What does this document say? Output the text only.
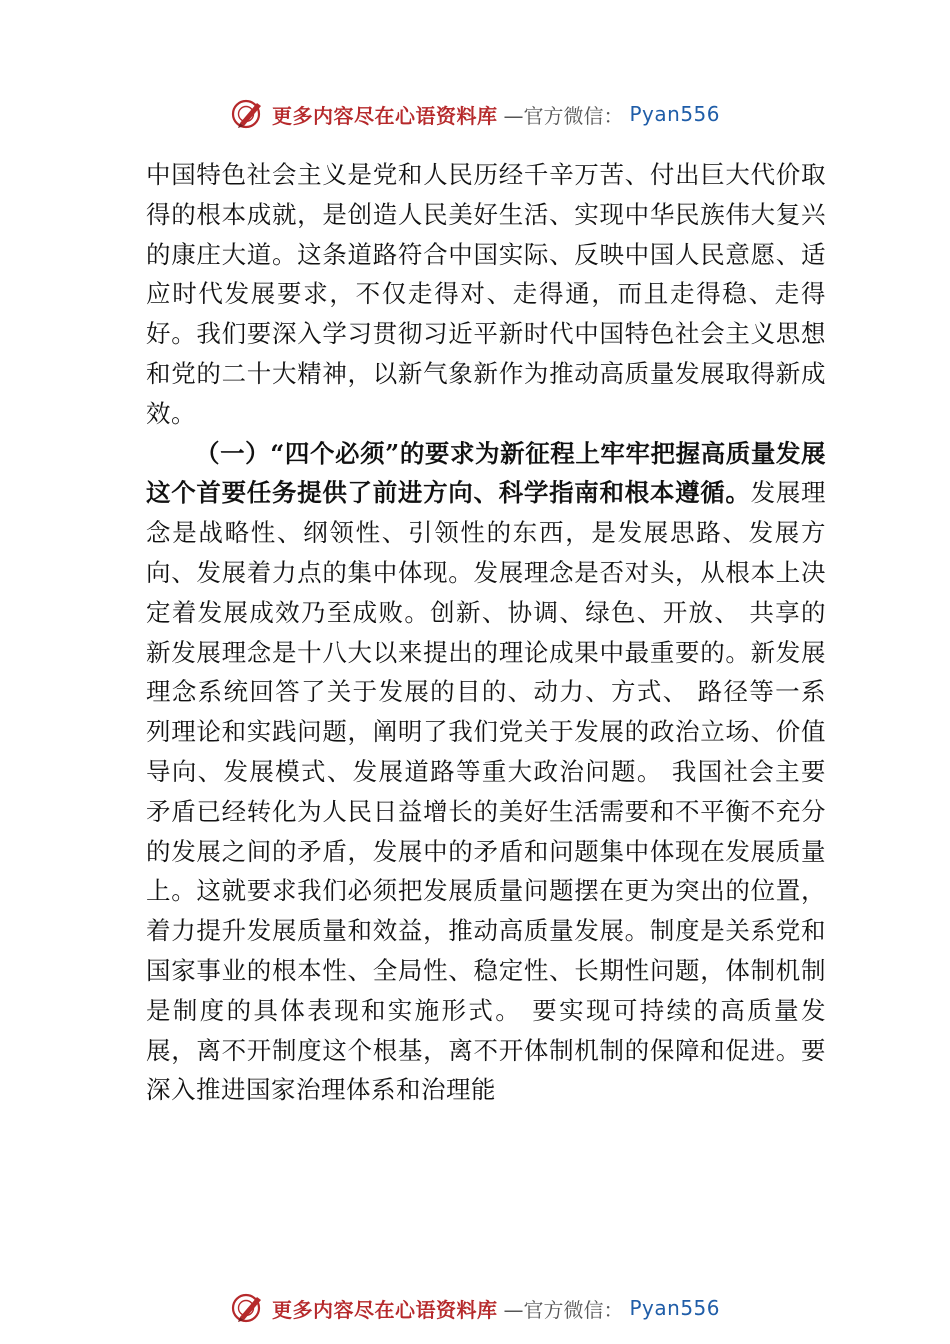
更多内容尽在心语资料库 —官方微信： Pyan556

中国特色社会主义是党和人民历经千辛万苦、付出巨大代价取得的根本成就，是创造人民美好生活、实现中华民族伟大复兴的康庄大道。这条道路符合中国实际、反映中国人民意愿、适应时代发展要求，不仅走得对、走得通，而且走得稳、走得好。我们要深入学习贯彻习近平新时代中国特色社会主义思想和党的二十大精神，以新气象新作为推动高质量发展取得新成效。

（一）“四个必须”的要求为新征程上牢牢把握高质量发展这个首要任务提供了前进方向、科学指南和根本遵循。发展理念是战略性、纲领性、引领性的东西，是发展思路、发展方向、发展着力点的集中体现。发展理念是否对头，从根本上决定着发展成效乃至成败。创新、协调、绿色、开放、 共享的新发展理念是十八大以来提出的理论成果中最重要的。新发展理念系统回答了关于发展的目的、动力、方式、 路径等一系列理论和实践问题，阐明了我们党关于发展的政治立场、价值导向、发展模式、发展道路等重大政治问题。 我国社会主要矛盾已经转化为人民日益增长的美好生活需要和不平衡不充分的发展之间的矛盾，发展中的矛盾和问题集中体现在发展质量上。这就要求我们必须把发展质量问题摆在更为突出的位置，着力提升发展质量和效益，推动高质量发展。制度是关系党和国家事业的根本性、全局性、稳定性、长期性问题，体制机制是制度的具体表现和实施形式。 要实现可持续的高质量发展，离不开制度这个根基，离不开体制机制的保障和促进。要深入推进国家治理体系和治理能

更多内容尽在心语资料库 —官方微信： Pyan556
